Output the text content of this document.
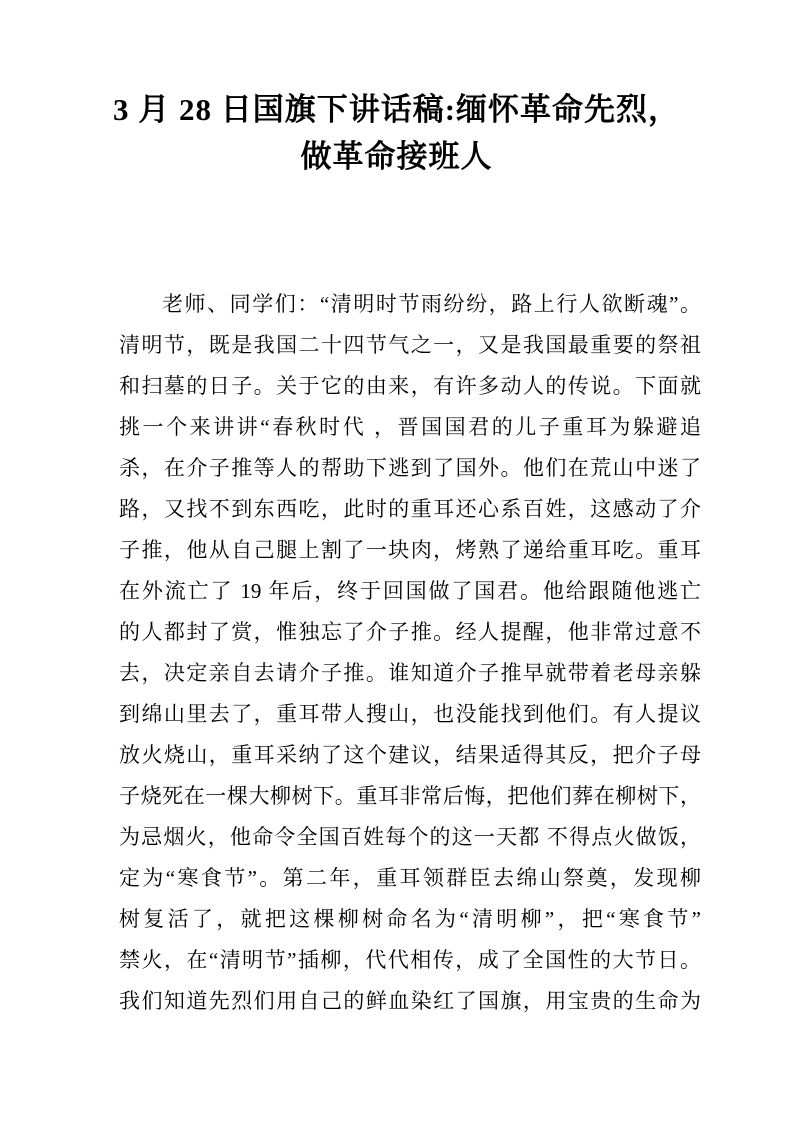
3 月 28 日国旗下讲话稿:缅怀革命先烈，
做革命接班人
老师、同学们：“清明时节雨纷纷，路上行人欲断魂”。
清明节，既是我国二十四节气之一，又是我国最重要的祭祖
和扫墓的日子。关于它的由来，有许多动人的传说。下面就
挑一个来讲讲“春秋时代 ，晋国国君的儿子重耳为躲避追
杀，在介子推等人的帮助下逃到了国外。他们在荒山中迷了
路，又找不到东西吃，此时的重耳还心系百姓，这感动了介
子推，他从自己腿上割了一块肉，烤熟了递给重耳吃。重耳
在外流亡了 19 年后，终于回国做了国君。他给跟随他逃亡
的人都封了赏，惟独忘了介子推。经人提醒，他非常过意不
去，决定亲自去请介子推。谁知道介子推早就带着老母亲躲
到绵山里去了，重耳带人搜山，也没能找到他们。有人提议
放火烧山，重耳采纳了这个建议，结果适得其反，把介子母
子烧死在一棵大柳树下。重耳非常后悔，把他们葬在柳树下，
为忌烟火，他命令全国百姓每个的这一天都 不得点火做饭，
定为“寒食节”。第二年，重耳领群臣去绵山祭奠，发现柳
树复活了，就把这棵柳树命名为“清明柳”，把“寒食节”
禁火，在“清明节”插柳，代代相传，成了全国性的大节日。
我们知道先烈们用自己的鲜血染红了国旗，用宝贵的生命为
